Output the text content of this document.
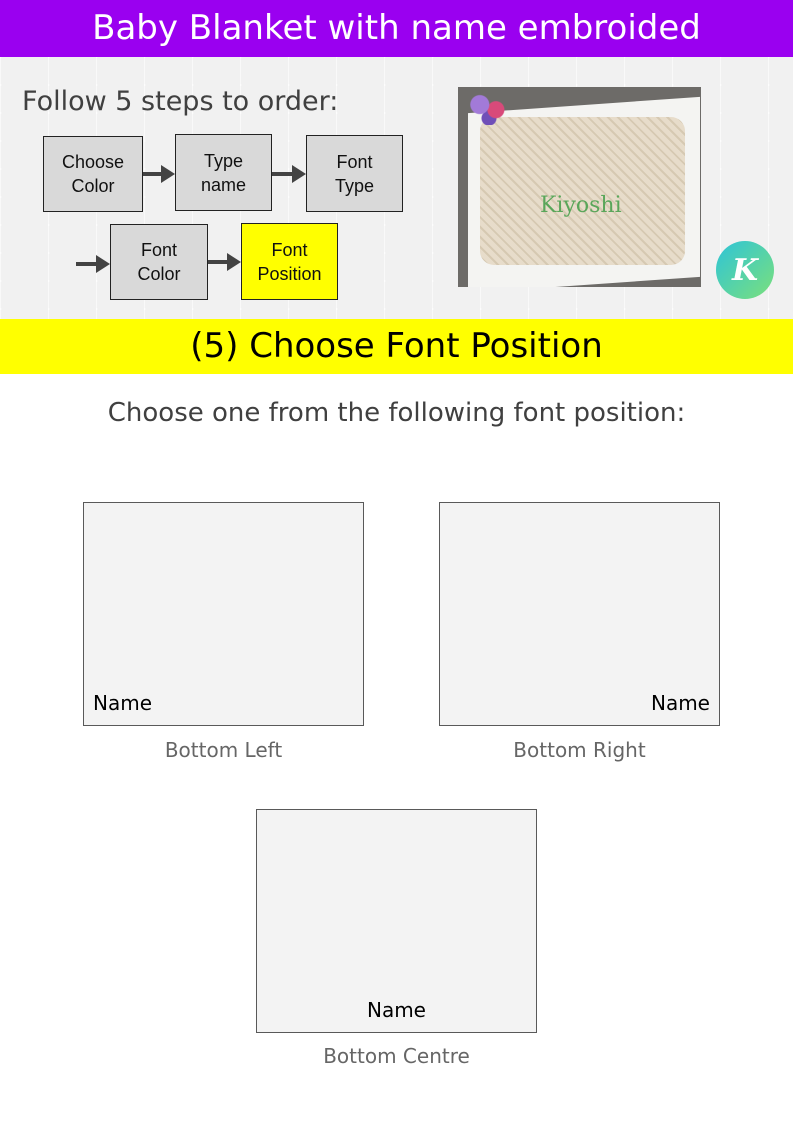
Baby Blanket with name embroided
Follow 5 steps to order:
Choose
Color
Type
name
Font
Type
Font
Color
Font
Position
Kiyoshi
K
(5) Choose Font Position
Choose one from the following font position:
Name
Bottom Left
Name
Bottom Right
Name
Bottom Centre
